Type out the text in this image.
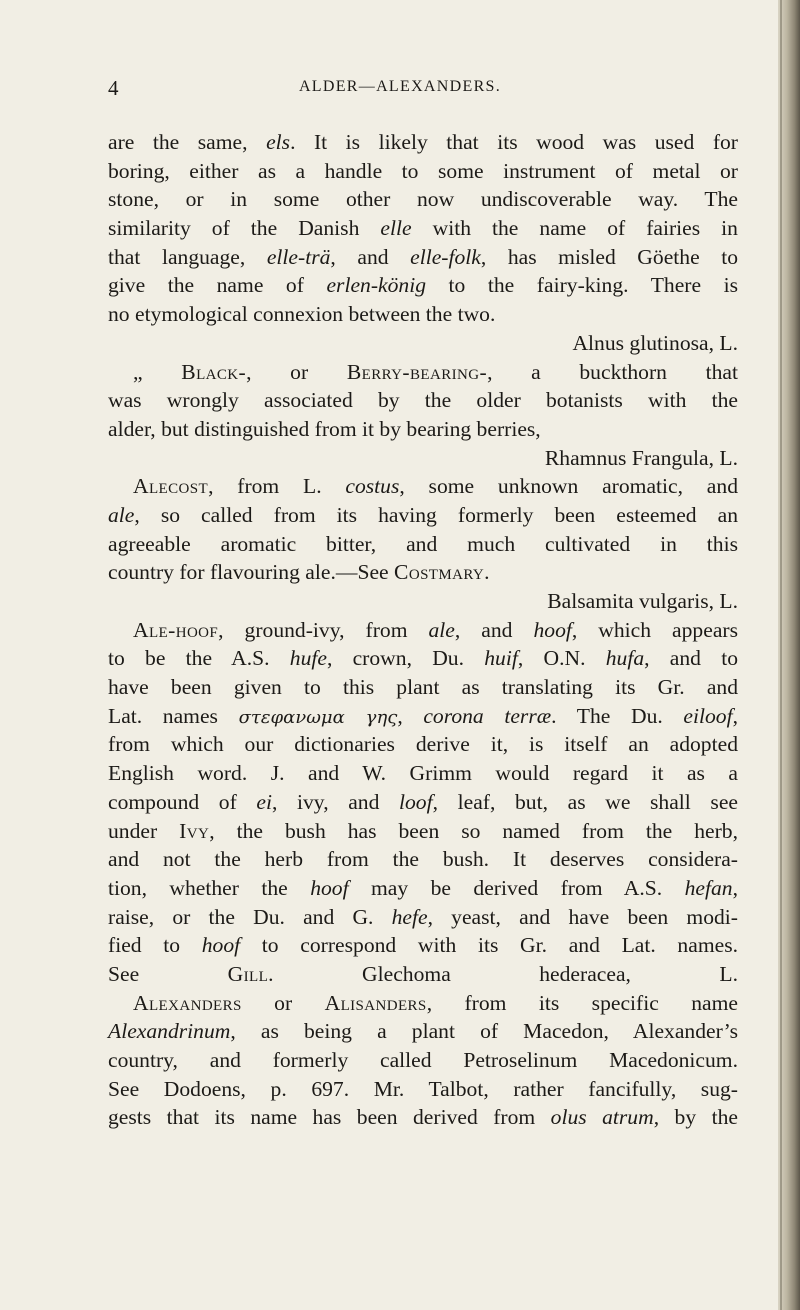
4	ALDER—ALEXANDERS.
are the same, els. It is likely that its wood was used for
boring, either as a handle to some instrument of metal or
stone, or in some other now undiscoverable way. The
similarity of the Danish elle with the name of fairies in
that language, elle-trä, and elle-folk, has misled Göethe to
give the name of erlen-könig to the fairy-king. There is
no etymological connexion between the two.
Alnus glutinosa, L.
„ Black-, or Berry-bearing-, a buckthorn that
was wrongly associated by the older botanists with the
alder, but distinguished from it by bearing berries,
Rhamnus Frangula, L.
Alecost, from L. costus, some unknown aromatic, and
ale, so called from its having formerly been esteemed an
agreeable aromatic bitter, and much cultivated in this
country for flavouring ale.—See Costmary.
Balsamita vulgaris, L.
Ale-hoof, ground-ivy, from ale, and hoof, which appears
to be the A.S. hufe, crown, Du. huif, O.N. hufa, and to
have been given to this plant as translating its Gr. and
Lat. names στεφανωμα γης, corona terræ. The Du. eiloof,
from which our dictionaries derive it, is itself an adopted
English word. J. and W. Grimm would regard it as a
compound of ei, ivy, and loof, leaf, but, as we shall see
under Ivy, the bush has been so named from the herb,
and not the herb from the bush. It deserves considera-
tion, whether the hoof may be derived from A.S. hefan,
raise, or the Du. and G. hefe, yeast, and have been modi-
fied to hoof to correspond with its Gr. and Lat. names.
See Gill. Glechoma hederacea, L.
Alexanders or Alisanders, from its specific name
Alexandrinum, as being a plant of Macedon, Alexander’s
country, and formerly called Petroselinum Macedonicum.
See Dodoens, p. 697. Mr. Talbot, rather fancifully, sug-
gests that its name has been derived from olus atrum, by the
